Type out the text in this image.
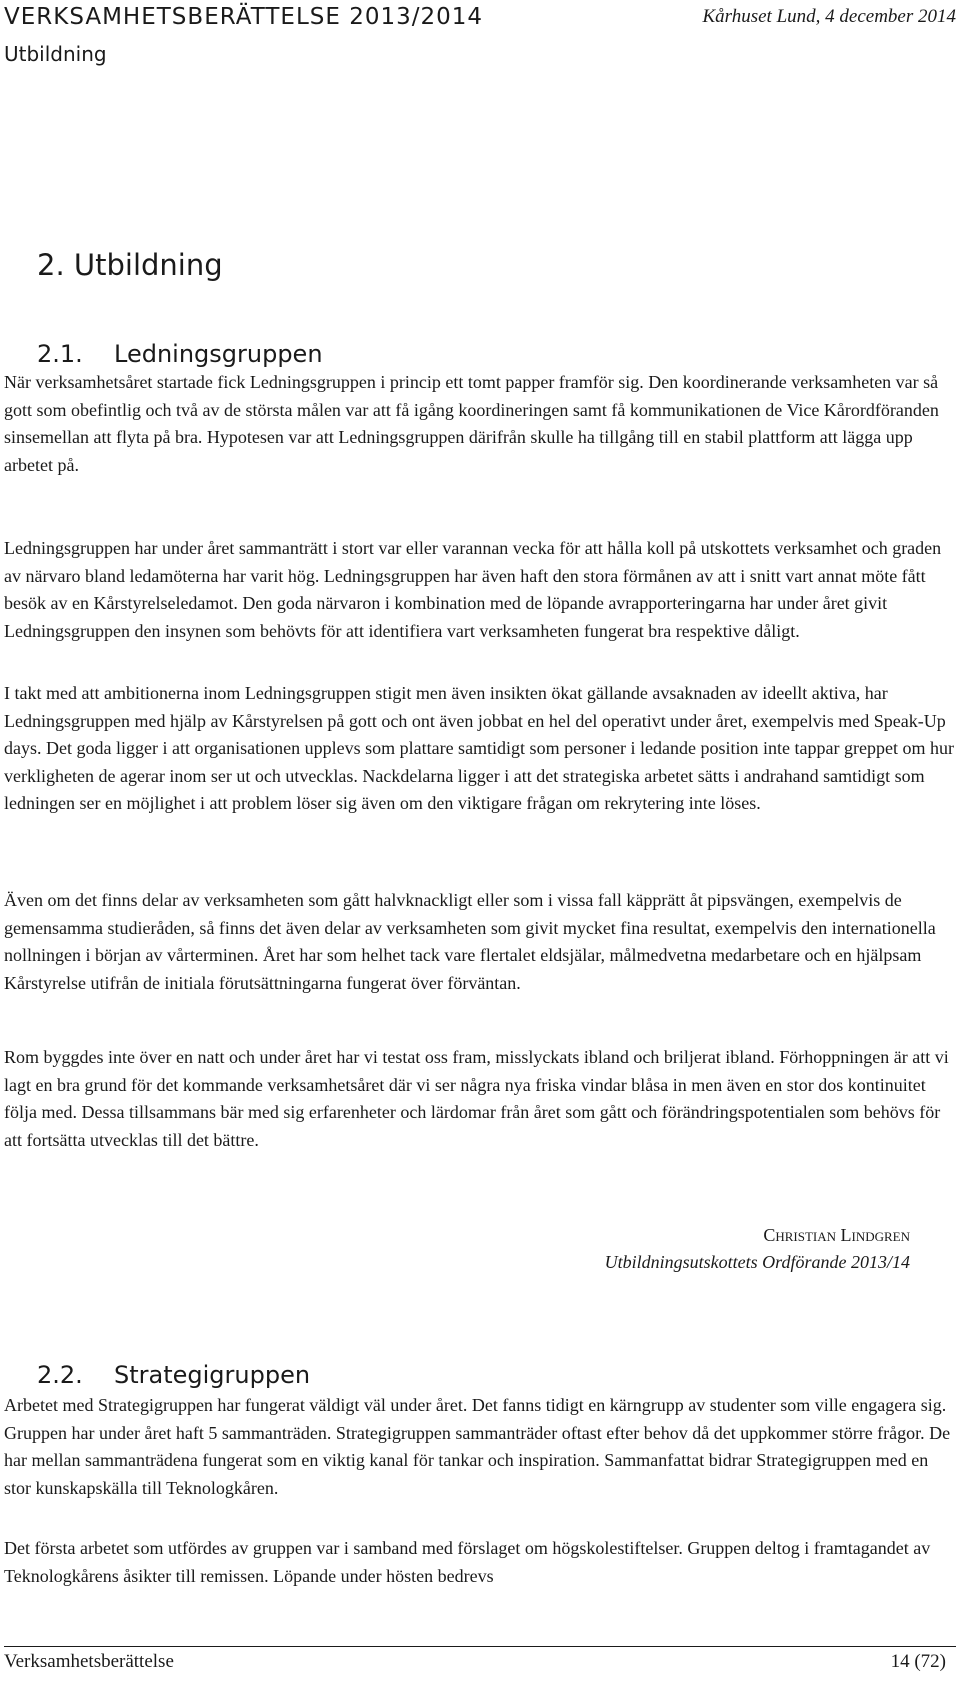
VERKSAMHETSBERÄTTELSE 2013/2014	Kårhuset Lund, 4 december 2014
Utbildning
2. Utbildning
2.1. Ledningsgruppen

När verksamhetsåret startade fick Ledningsgruppen i princip ett tomt papper framför sig. Den koordinerande verksamheten var så gott som obefintlig och två av de största målen var att få igång koordineringen samt få kommunikationen de Vice Kårordföranden sinsemellan att flyta på bra. Hypotesen var att Ledningsgruppen därifrån skulle ha tillgång till en stabil plattform att lägga upp arbetet på.

Ledningsgruppen har under året sammanträtt i stort var eller varannan vecka för att hålla koll på utskottets verksamhet och graden av närvaro bland ledamöterna har varit hög. Ledningsgruppen har även haft den stora förmånen av att i snitt vart annat möte fått besök av en Kårstyrelseledamot. Den goda närvaron i kombination med de löpande avrapporteringarna har under året givit Ledningsgruppen den insynen som behövts för att identifiera vart verksamheten fungerat bra respektive dåligt.

I takt med att ambitionerna inom Ledningsgruppen stigit men även insikten ökat gällande avsaknaden av ideellt aktiva, har Ledningsgruppen med hjälp av Kårstyrelsen på gott och ont även jobbat en hel del operativt under året, exempelvis med Speak-Up days. Det goda ligger i att organisationen upplevs som plattare samtidigt som personer i ledande position inte tappar greppet om hur verkligheten de agerar inom ser ut och utvecklas. Nackdelarna ligger i att det strategiska arbetet sätts i andrahand samtidigt som ledningen ser en möjlighet i att problem löser sig även om den viktigare frågan om rekrytering inte löses.

Även om det finns delar av verksamheten som gått halvknackligt eller som i vissa fall käpprätt åt pipsvängen, exempelvis de gemensamma studieråden, så finns det även delar av verksamheten som givit mycket fina resultat, exempelvis den internationella nollningen i början av vårterminen. Året har som helhet tack vare flertalet eldsjälar, målmedvetna medarbetare och en hjälpsam Kårstyrelse utifrån de initiala förutsättningarna fungerat över förväntan.

Rom byggdes inte över en natt och under året har vi testat oss fram, misslyckats ibland och briljerat ibland. Förhoppningen är att vi lagt en bra grund för det kommande verksamhetsåret där vi ser några nya friska vindar blåsa in men även en stor dos kontinuitet följa med. Dessa tillsammans bär med sig erfarenheter och lärdomar från året som gått och förändringspotentialen som behövs för att fortsätta utvecklas till det bättre.

Christian Lindgren
Utbildningsutskottets Ordförande 2013/14
2.2. Strategigruppen

Arbetet med Strategigruppen har fungerat väldigt väl under året. Det fanns tidigt en kärngrupp av studenter som ville engagera sig. Gruppen har under året haft 5 sammanträden. Strategigruppen sammanträder oftast efter behov då det uppkommer större frågor. De har mellan sammanträdena fungerat som en viktig kanal för tankar och inspiration. Sammanfattat bidrar Strategigruppen med en stor kunskapskälla till Teknologkåren.

Det första arbetet som utfördes av gruppen var i samband med förslaget om högskolestiftelser. Gruppen deltog i framtagandet av Teknologkårens åsikter till remissen. Löpande under hösten bedrevs

Verksamhetsberättelse	14 (72)
